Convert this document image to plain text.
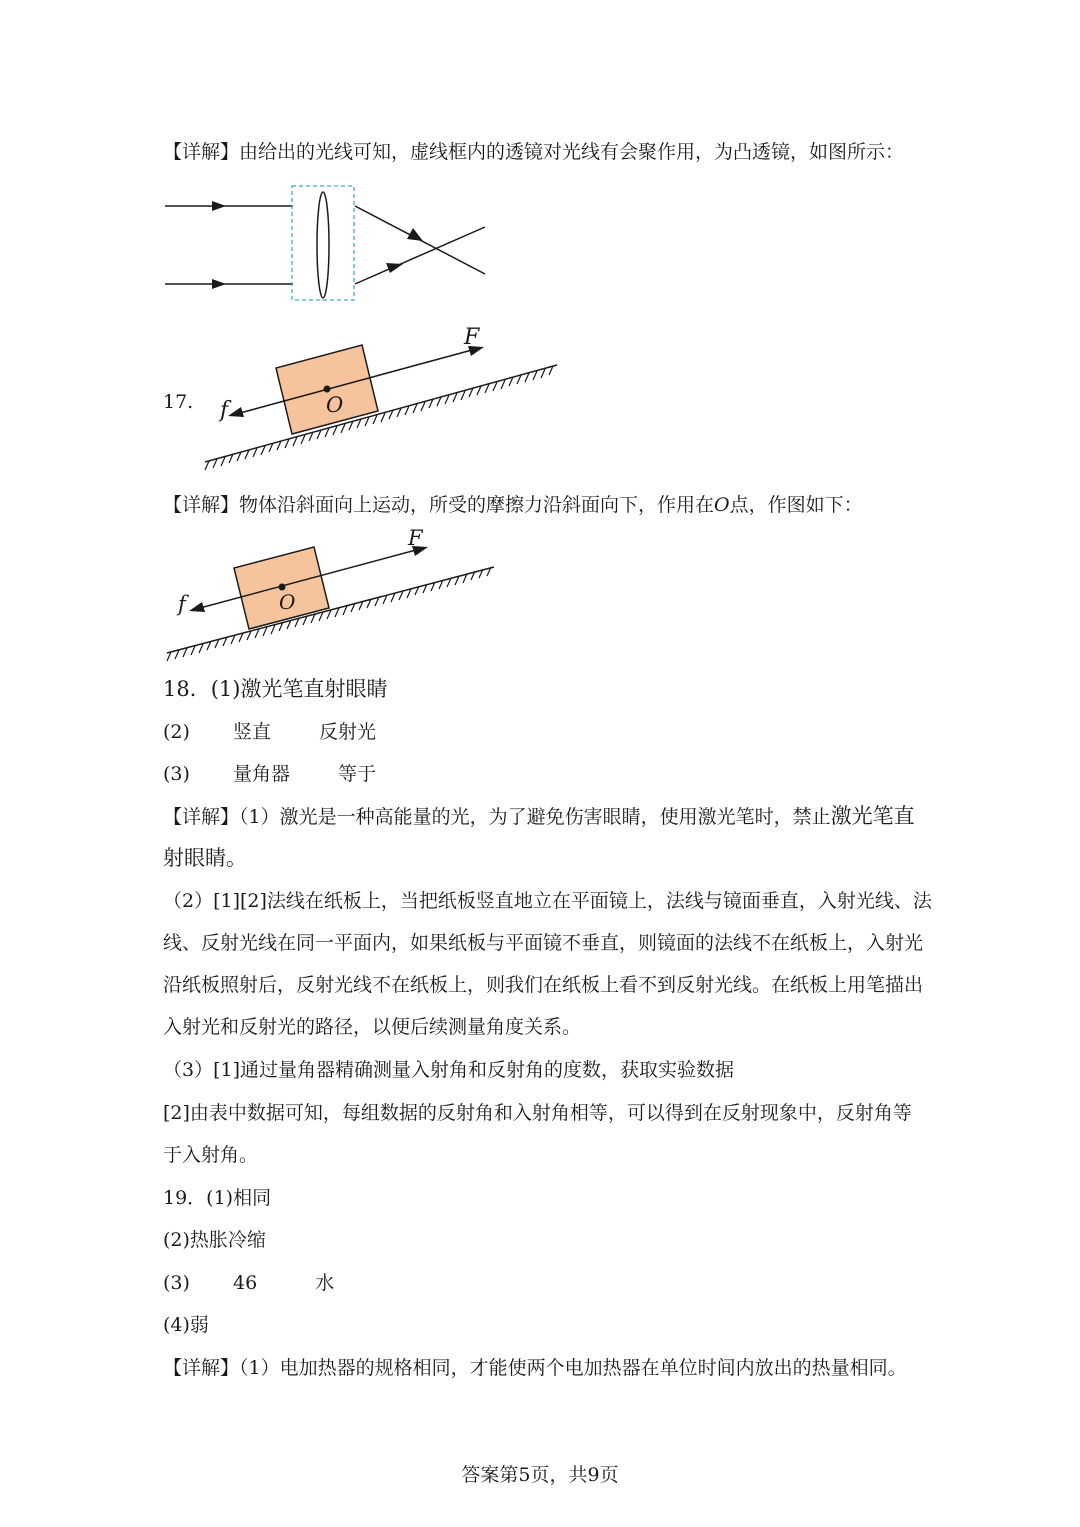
【详解】由给出的光线可知，虚线框内的透镜对光线有会聚作用，为凸透镜，如图所示：
17.
F
f	O
【详解】物体沿斜面向上运动，所受的摩擦力沿斜面向下，作用在O点，作图如下：
F
f	O
18．(1)激光笔直射眼睛
(2) 竖直	反射光
(3) 量角器	等于
【详解】（1）激光是一种高能量的光，为了避免伤害眼睛，使用激光笔时，禁止激光笔直
射眼睛。
（2）[1][2]法线在纸板上，当把纸板竖直地立在平面镜上，法线与镜面垂直，入射光线、法
线、反射光线在同一平面内，如果纸板与平面镜不垂直，则镜面的法线不在纸板上，入射光
沿纸板照射后，反射光线不在纸板上，则我们在纸板上看不到反射光线。在纸板上用笔描出
入射光和反射光的路径，以便后续测量角度关系。
（3）[1]通过量角器精确测量入射角和反射角的度数，获取实验数据
[2]由表中数据可知，每组数据的反射角和入射角相等，可以得到在反射现象中，反射角等
于入射角。
19．(1)相同
(2)热胀冷缩
(3) 46	水
(4)弱
【详解】（1）电加热器的规格相同，才能使两个电加热器在单位时间内放出的热量相同。
答案第5页，共9页
